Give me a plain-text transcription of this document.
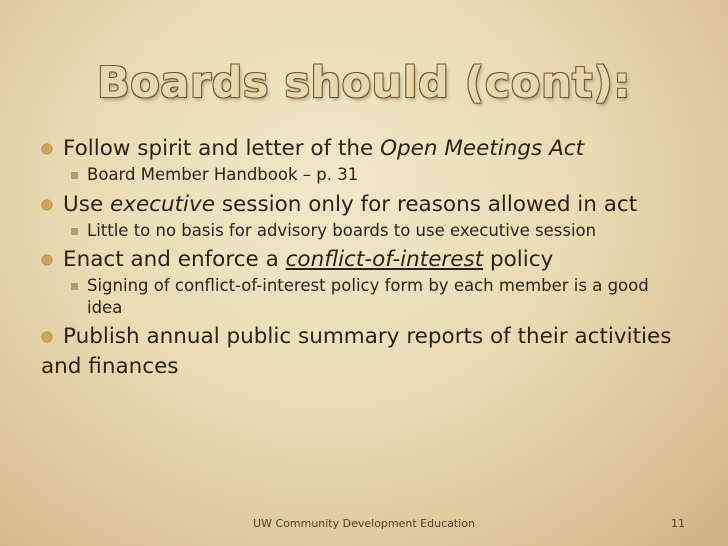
Boards should (cont):

Follow spirit and letter of the Open Meetings Act

Board Member Handbook – p. 31

Use executive session only for reasons allowed in act

Little to no basis for advisory boards to use executive session

Enact and enforce a conflict-of-interest policy

Signing of conflict-of-interest policy form by each member is a good idea

Publish annual public summary reports of their activities and finances

UW Community Development Education	11
